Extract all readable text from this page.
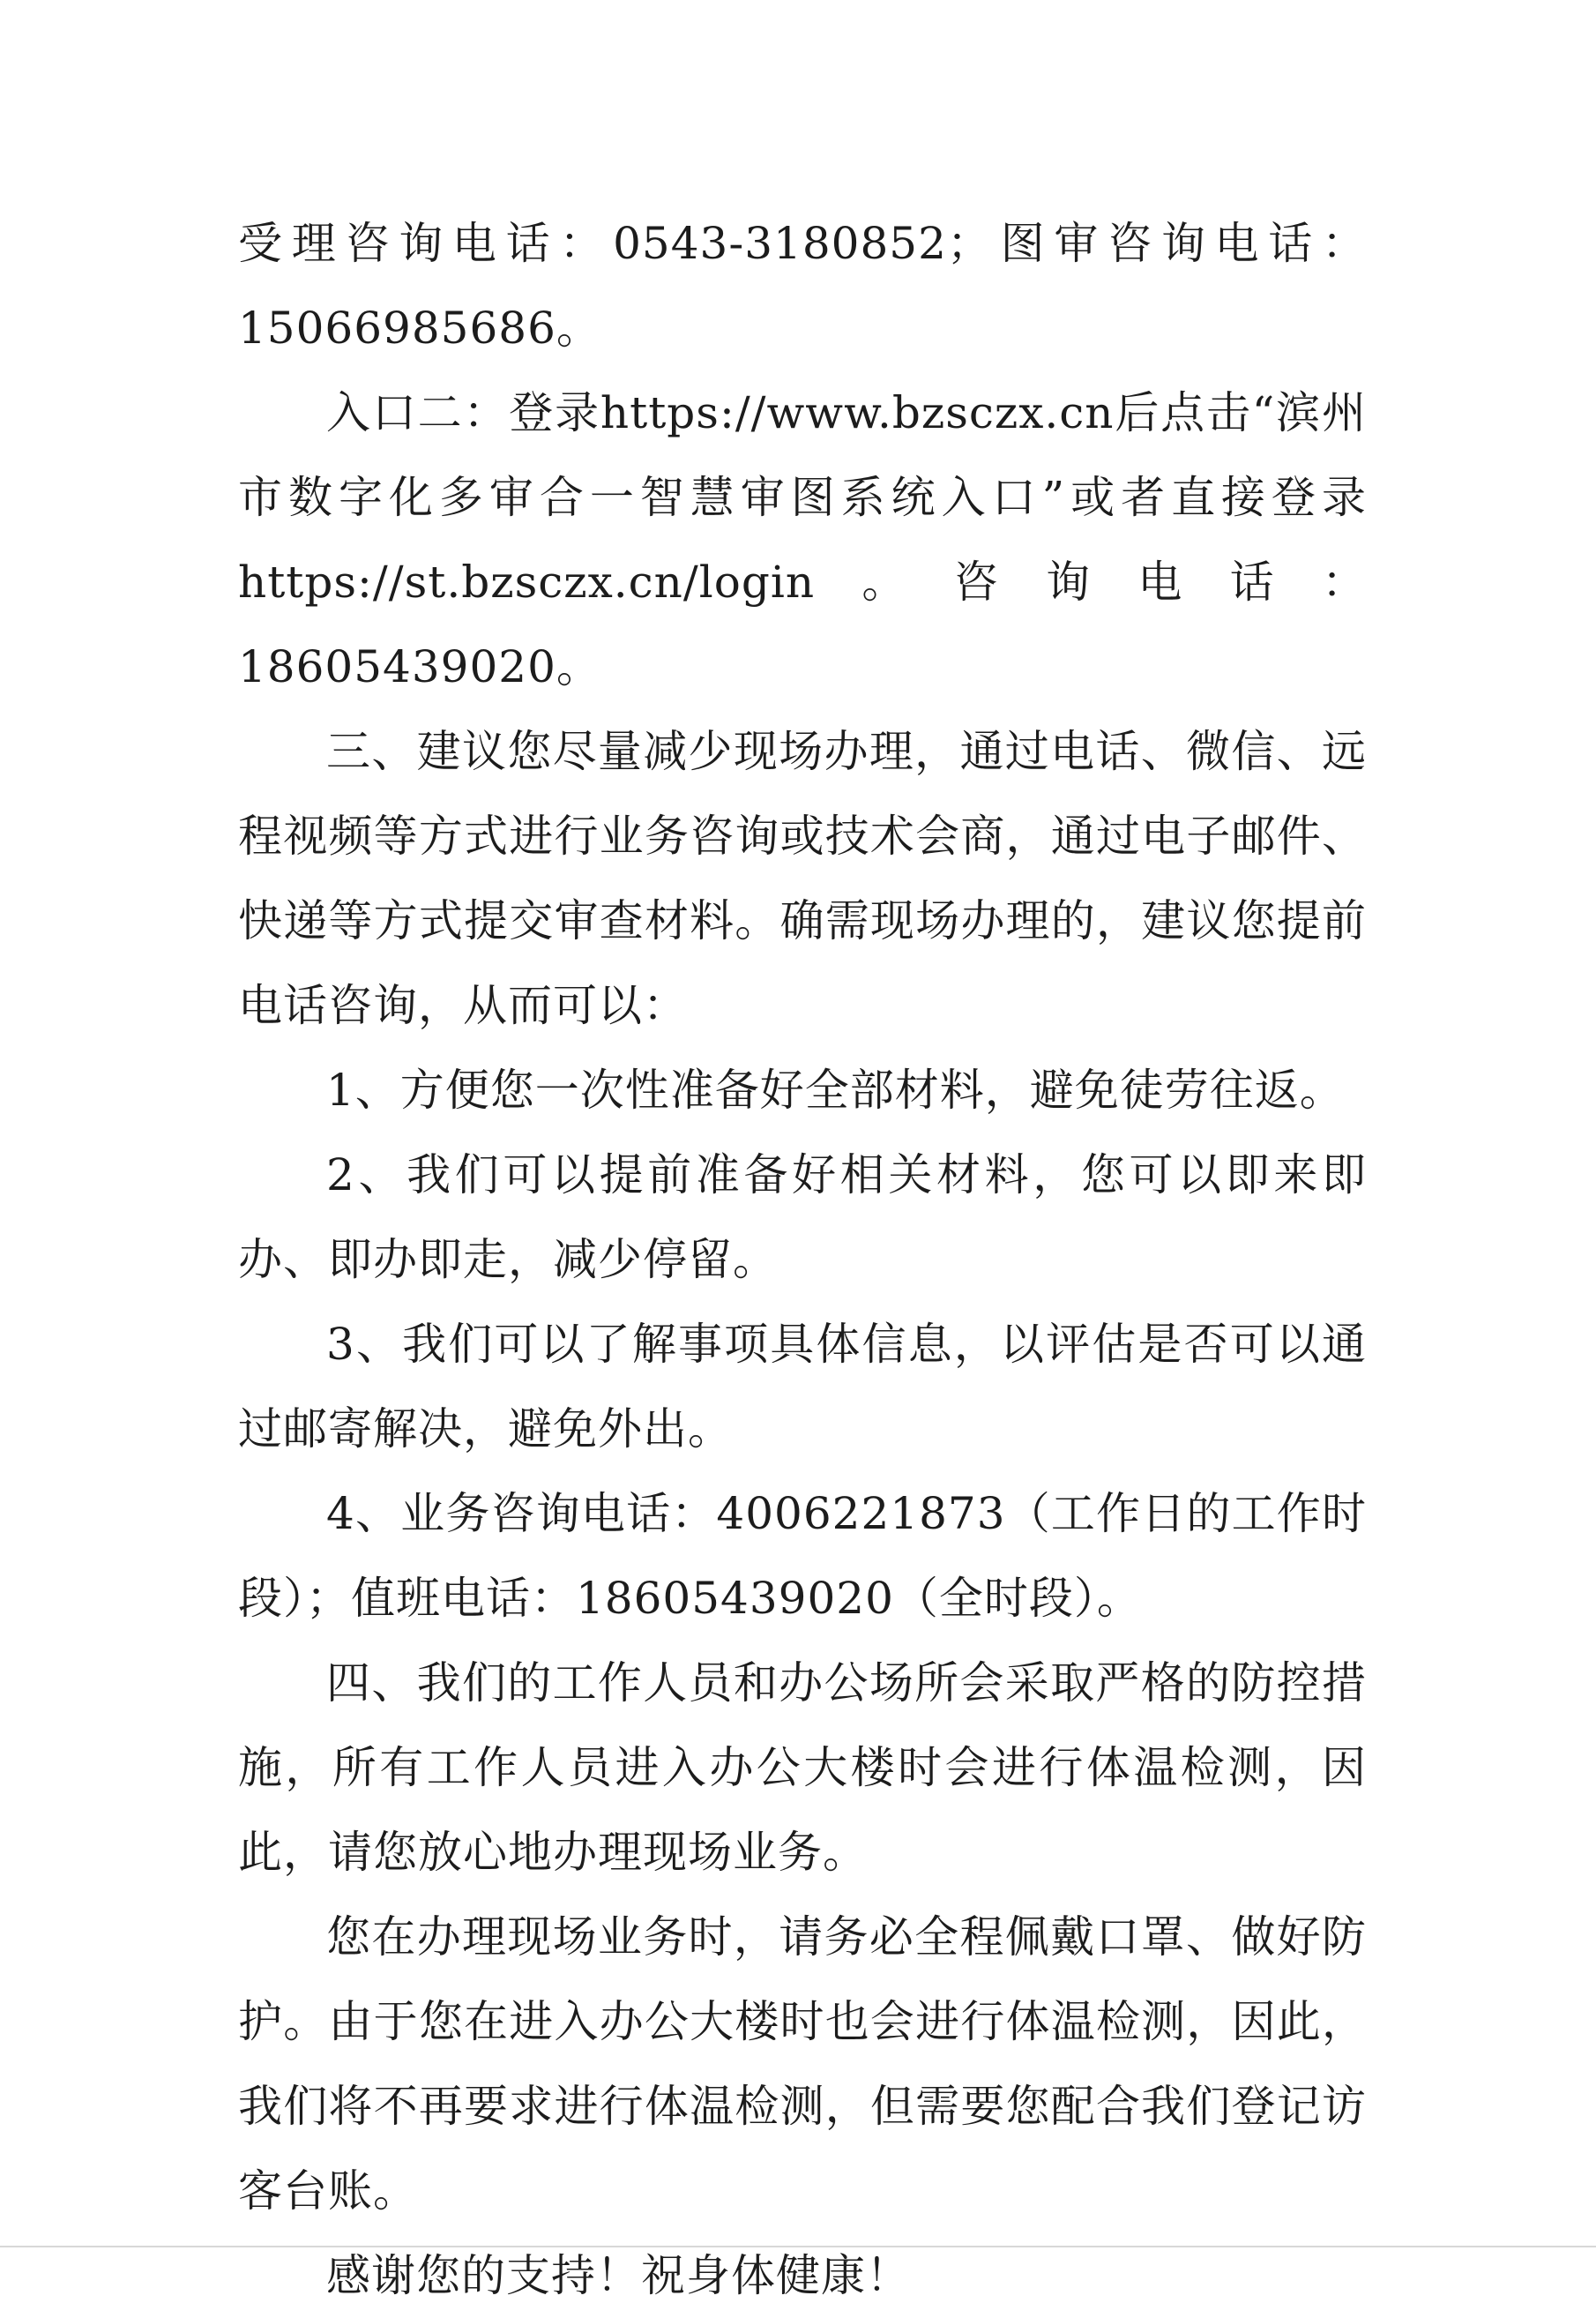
受理咨询电话：0543-3180852；图审咨询电话：15066985686。

入口二：登录https://www.bzsczx.cn后点击“滨州市数字化多审合一智慧审图系统入口”或者直接登录https://st.bzsczx.cn/login。咨询电话：18605439020。

三、建议您尽量减少现场办理，通过电话、微信、远程视频等方式进行业务咨询或技术会商，通过电子邮件、快递等方式提交审查材料。确需现场办理的，建议您提前电话咨询，从而可以：

1、方便您一次性准备好全部材料，避免徒劳往返。

2、我们可以提前准备好相关材料，您可以即来即办、即办即走，减少停留。

3、我们可以了解事项具体信息，以评估是否可以通过邮寄解决，避免外出。

4、业务咨询电话：4006221873（工作日的工作时段）；值班电话：18605439020（全时段）。

四、我们的工作人员和办公场所会采取严格的防控措施，所有工作人员进入办公大楼时会进行体温检测，因此，请您放心地办理现场业务。

您在办理现场业务时，请务必全程佩戴口罩、做好防护。由于您在进入办公大楼时也会进行体温检测，因此，我们将不再要求进行体温检测，但需要您配合我们登记访客台账。

感谢您的支持！祝身体健康！
